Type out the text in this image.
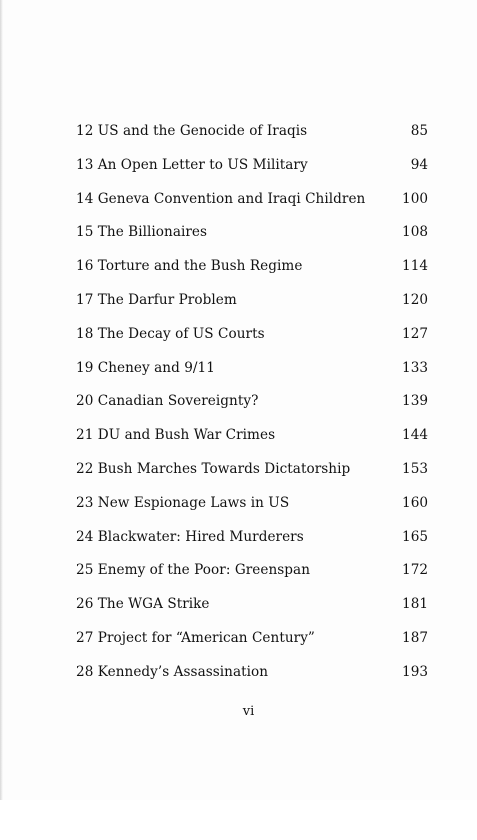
12 US and the Genocide of Iraqis	85
13 An Open Letter to US Military	94
14 Geneva Convention and Iraqi Children	100
15 The Billionaires	108
16 Torture and the Bush Regime	114
17 The Darfur Problem	120
18 The Decay of US Courts	127
19 Cheney and 9/11	133
20 Canadian Sovereignty?	139
21 DU and Bush War Crimes	144
22 Bush Marches Towards Dictatorship	153
23 New Espionage Laws in US	160
24 Blackwater: Hired Murderers	165
25 Enemy of the Poor: Greenspan	172
26 The WGA Strike	181
27 Project for “American Century”	187
28 Kennedy’s Assassination	193
vi
